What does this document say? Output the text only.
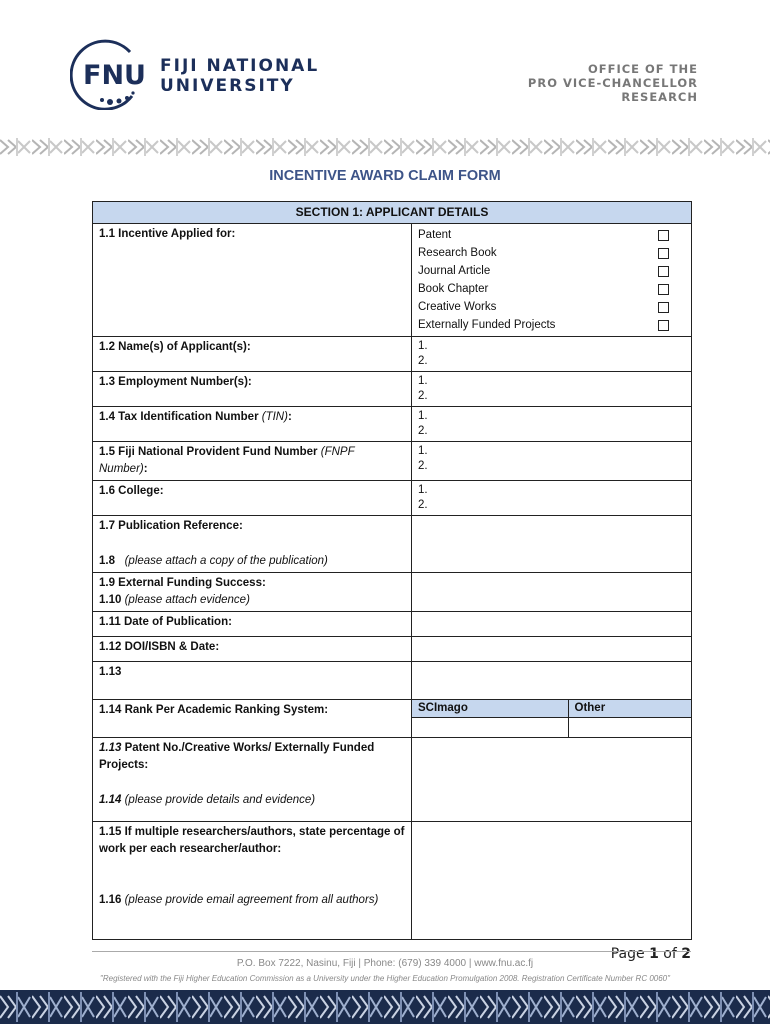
FNU FIJI NATIONAL
UNIVERSITY
OFFICE OF THE
PRO VICE-CHANCELLOR
RESEARCH
INCENTIVE AWARD CLAIM FORM
SECTION 1: APPLICANT DETAILS
1.1 Incentive Applied for:	Patent
Research Book
Journal Article
Book Chapter
Creative Works
Externally Funded Projects

1.2 Name(s) of Applicant(s):	1.
2.

1.3 Employment Number(s):	1.
2.

1.4 Tax Identification Number (TIN):	1.
2.

1.5 Fiji National Provident Fund Number (FNPF Number):	
1.
2.

1.6 College:	1.
2.

1.7 Publication Reference:
1.8 (please attach a copy of the publication)

1.9 External Funding Success:
1.10 (please attach evidence)

1.11 Date of Publication:	
1.12 DOI/ISBN & Date:	
1.13	
1.14 Rank Per Academic Ranking System:		SCImago	Other

1.13 Patent No./Creative Works/ Externally Funded Projects:
1.14 (please provide details and evidence)

1.15 If multiple researchers/authors, state percentage of work per each researcher/author:
1.16 (please provide email agreement from all authors)

Page 1 of 2
P.O. Box 7222, Nasinu, Fiji | Phone: (679) 339 4000 | www.fnu.ac.fj
"Registered with the Fiji Higher Education Commission as a University under the Higher Education Promulgation 2008. Registration Certificate Number RC 0060"
